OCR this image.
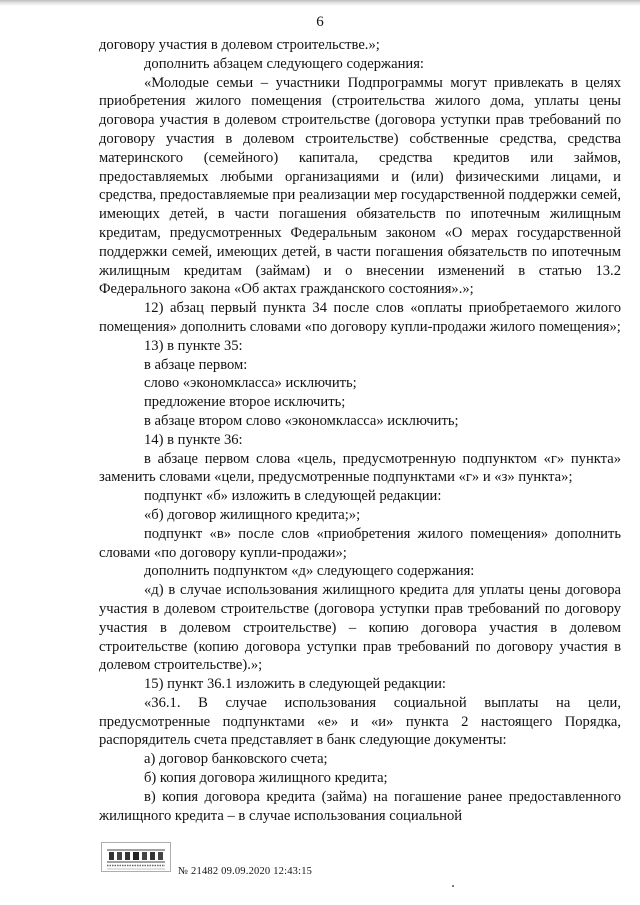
6

договору участия в долевом строительстве.»;

дополнить абзацем следующего содержания:

«Молодые семьи – участники Подпрограммы могут привлекать в целях приобретения жилого помещения (строительства жилого дома, уплаты цены договора участия в долевом строительстве (договора уступки прав требований по договору участия в долевом строительстве) собственные средства, средства материнского (семейного) капитала, средства кредитов или займов, предоставляемых любыми организациями и (или) физическими лицами, и средства, предоставляемые при реализации мер государственной поддержки семей, имеющих детей, в части погашения обязательств по ипотечным жилищным кредитам, предусмотренных Федеральным законом «О мерах государственной поддержки семей, имеющих детей, в части погашения обязательств по ипотечным жилищным кредитам (займам) и о внесении изменений в статью 13.2 Федерального закона «Об актах гражданского состояния».»;

12) абзац первый пункта 34 после слов «оплаты приобретаемого жилого помещения» дополнить словами «по договору купли-продажи жилого помещения»;

13) в пункте 35:

в абзаце первом:

слово «экономкласса» исключить;

предложение второе исключить;

в абзаце втором слово «экономкласса» исключить;

14) в пункте 36:

в абзаце первом слова «цель, предусмотренную подпунктом «г» пункта» заменить словами «цели, предусмотренные подпунктами «г» и «з» пункта»;

подпункт «б» изложить в следующей редакции:

«б) договор жилищного кредита;»;

подпункт «в» после слов «приобретения жилого помещения» дополнить словами «по договору купли-продажи»;

дополнить подпунктом «д» следующего содержания:

«д) в случае использования жилищного кредита для уплаты цены договора участия в долевом строительстве (договора уступки прав требований по договору участия в долевом строительстве) – копию договора участия в долевом строительстве (копию договора уступки прав требований по договору участия в долевом строительстве).»;

15) пункт 36.1 изложить в следующей редакции:

«36.1. В случае использования социальной выплаты на цели, предусмотренные подпунктами «е» и «и» пункта 2 настоящего Порядка, распорядитель счета представляет в банк следующие документы:

а) договор банковского счета;

б) копия договора жилищного кредита;

в) копия договора кредита (займа) на погашение ранее предоставленного жилищного кредита – в случае использования социальной

№ 21482 09.09.2020 12:43:15
